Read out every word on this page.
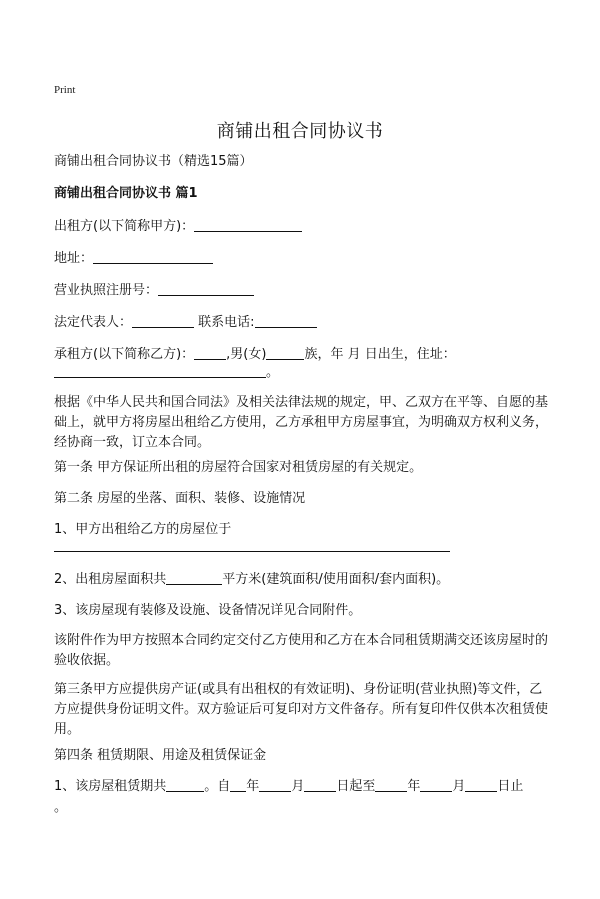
Print
商铺出租合同协议书
商铺出租合同协议书（精选15篇）
商铺出租合同协议书 篇1
出租方(以下简称甲方)：
地址：
营业执照注册号：
法定代表人：	联系电话:
承租方(以下简称乙方)： ,男(女)	族，年 月 日出生，住址：
。
根据《中华人民共和国合同法》及相关法律法规的规定，甲、乙双方在平等、自愿的基础上，就甲方将房屋出租给乙方使用，乙方承租甲方房屋事宜，为明确双方权利义务，经协商一致，订立本合同。
第一条 甲方保证所出租的房屋符合国家对租赁房屋的有关规定。
第二条 房屋的坐落、面积、装修、设施情况
1、甲方出租给乙方的房屋位于
2、出租房屋面积共	平方米(建筑面积/使用面积/套内面积)。
3、该房屋现有装修及设施、设备情况详见合同附件。
该附件作为甲方按照本合同约定交付乙方使用和乙方在本合同租赁期满交还该房屋时的验收依据。
第三条甲方应提供房产证(或具有出租权的有效证明)、身份证明(营业执照)等文件，乙方应提供身份证明文件。双方验证后可复印对方文件备存。所有复印件仅供本次租赁使用。
第四条 租赁期限、用途及租赁保证金
1、该房屋租赁期共	。自 年 月 日起至 年 月 日止
。
